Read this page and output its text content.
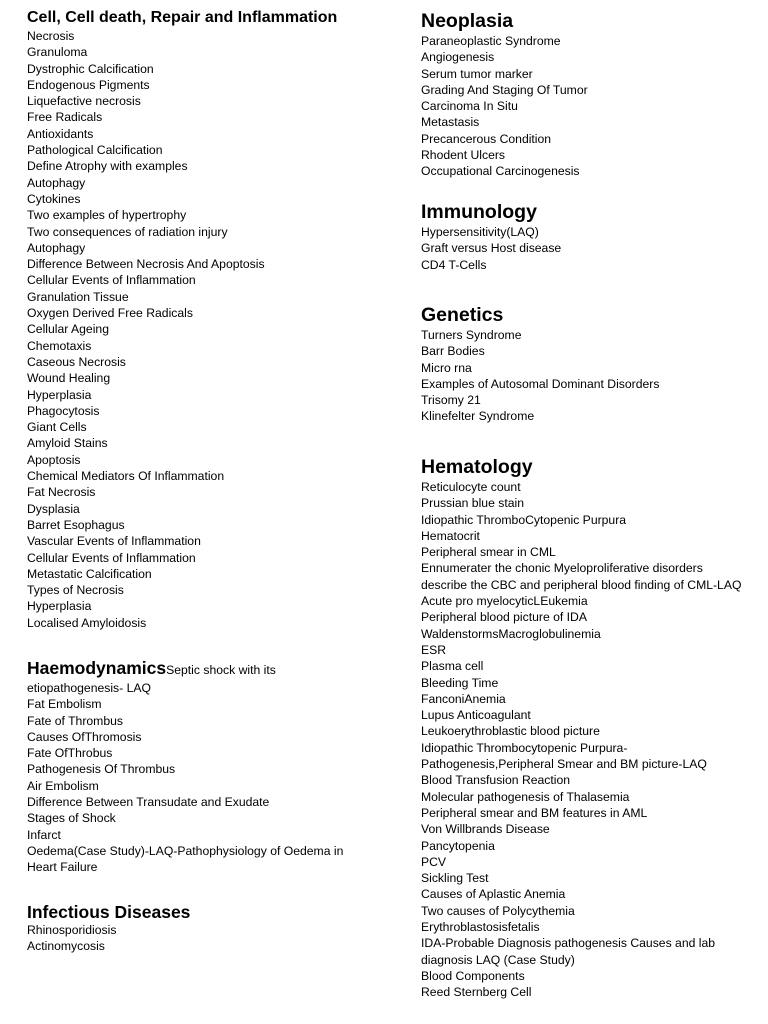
Cell, Cell death, Repair and Inflammation
Necrosis
Granuloma
Dystrophic Calcification
Endogenous Pigments
Liquefactive necrosis
Free Radicals
Antioxidants
Pathological Calcification
Define Atrophy with examples
Autophagy
Cytokines
Two examples of hypertrophy
Two consequences of radiation injury
Autophagy
Difference Between Necrosis And Apoptosis
Cellular Events of Inflammation
Granulation Tissue
Oxygen Derived Free Radicals
Cellular Ageing
Chemotaxis
Caseous Necrosis
Wound Healing
Hyperplasia
Phagocytosis
Giant Cells
Amyloid Stains
Apoptosis
Chemical Mediators Of Inflammation
Fat Necrosis
Dysplasia
Barret Esophagus
Vascular Events of Inflammation
Cellular Events of Inflammation
Metastatic Calcification
Types of Necrosis
Hyperplasia
Localised Amyloidosis
HaemodynamicsSeptic shock with its
etiopathogenesis- LAQ
Fat Embolism
Fate of Thrombus
Causes OfThromosis
Fate OfThrobus
Pathogenesis Of Thrombus
Air Embolism
Difference Between Transudate and Exudate
Stages of Shock
Infarct
Oedema(Case Study)-LAQ-Pathophysiology of Oedema in
Heart Failure
Infectious Diseases
Rhinosporidiosis
Actinomycosis
Neoplasia
Paraneoplastic Syndrome
Angiogenesis
Serum tumor marker
Grading And Staging Of Tumor
Carcinoma In Situ
Metastasis
Precancerous Condition
Rhodent Ulcers
Occupational Carcinogenesis
Immunology
Hypersensitivity(LAQ)
Graft versus Host disease
CD4 T-Cells
Genetics
Turners Syndrome
Barr Bodies
Micro rna
Examples of Autosomal Dominant Disorders
Trisomy 21
Klinefelter Syndrome
Hematology
Reticulocyte count
Prussian blue stain
Idiopathic ThromboCytopenic Purpura
Hematocrit
Peripheral smear in CML
Ennumerater the chonic Myeloproliferative disorders
describe the CBC and peripheral blood finding of CML-LAQ
Acute pro myelocyticLEukemia
Peripheral blood picture of IDA
WaldenstormsMacroglobulinemia
ESR
Plasma cell
Bleeding Time
FanconiAnemia
Lupus Anticoagulant
Leukoerythroblastic blood picture
Idiopathic Thrombocytopenic Purpura-
Pathogenesis,Peripheral Smear and BM picture-LAQ
Blood Transfusion Reaction
Molecular pathogenesis of Thalasemia
Peripheral smear and BM features in AML
Von Willbrands Disease
Pancytopenia
PCV
Sickling Test
Causes of Aplastic Anemia
Two causes of Polycythemia
Erythroblastosisfetalis
IDA-Probable Diagnosis pathogenesis Causes and lab
diagnosis LAQ (Case Study)
Blood Components
Reed Sternberg Cell
